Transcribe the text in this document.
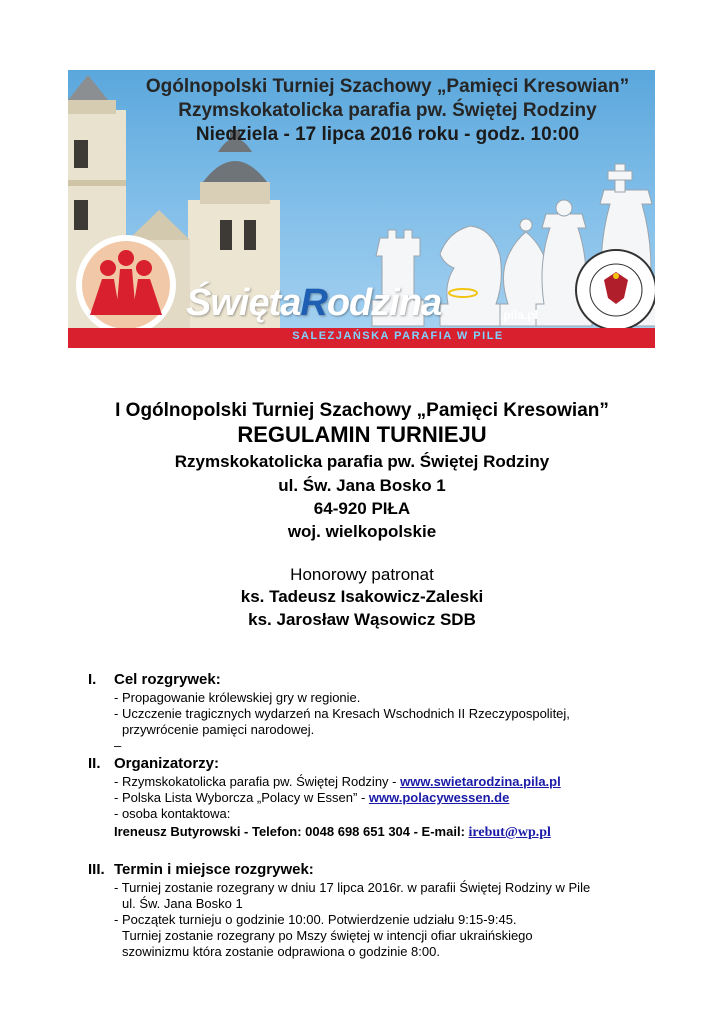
Ogólnopolski Turniej Szachowy „Pamięci Kresowian”
Rzymskokatolicka parafia pw. Świętej Rodziny
Niedziela - 17 lipca 2016 roku - godz. 10:00
ŚwiętaRodzina	.pila.pl
SALEZJAŃSKA PARAFIA W PILE
I Ogólnopolski Turniej Szachowy „Pamięci Kresowian”
REGULAMIN TURNIEJU
Rzymskokatolicka parafia pw. Świętej Rodziny
ul. Św. Jana Bosko 1
64-920 PIŁA
woj. wielkopolskie
Honorowy patronat
ks. Tadeusz Isakowicz-Zaleski
ks. Jarosław Wąsowicz SDB
I. Cel rozgrywek:
- Propagowanie królewskiej gry w regionie.
- Uczczenie tragicznych wydarzeń na Kresach Wschodnich II Rzeczypospolitej,
przywrócenie pamięci narodowej.
–
II. Organizatorzy:
- Rzymskokatolicka parafia pw. Świętej Rodziny - www.swietarodzina.pila.pl
- Polska Lista Wyborcza „Polacy w Essen” - www.polacywessen.de
- osoba kontaktowa:
Ireneusz Butyrowski - Telefon: 0048 698 651 304 - E-mail: irebut@wp.pl
III. Termin i miejsce rozgrywek:
- Turniej zostanie rozegrany w dniu 17 lipca 2016r. w parafii Świętej Rodziny w Pile
ul. Św. Jana Bosko 1
- Początek turnieju o godzinie 10:00. Potwierdzenie udziału 9:15-9:45.
Turniej zostanie rozegrany po Mszy świętej w intencji ofiar ukraińskiego
szowinizmu która zostanie odprawiona o godzinie 8:00.
